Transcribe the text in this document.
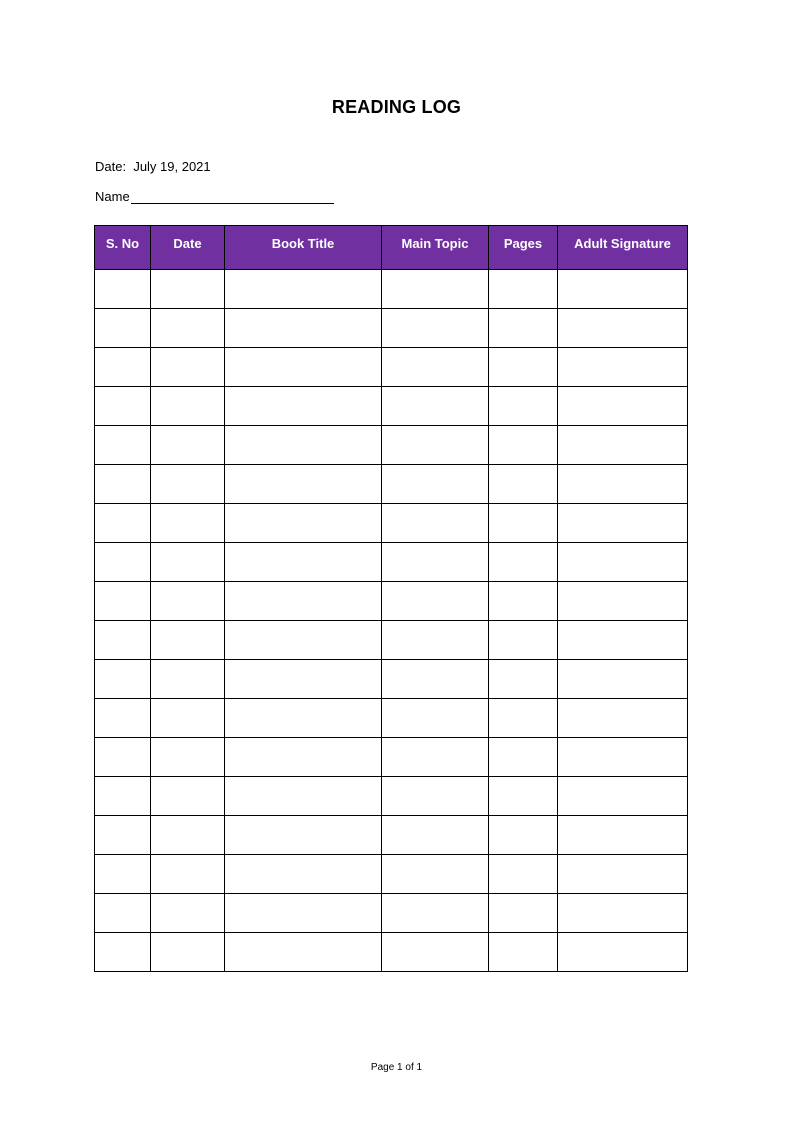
READING LOG
Date: July 19, 2021
Name
S. No	Date	Book Title	Main Topic	Pages	Adult Signature

Page 1 of 1
